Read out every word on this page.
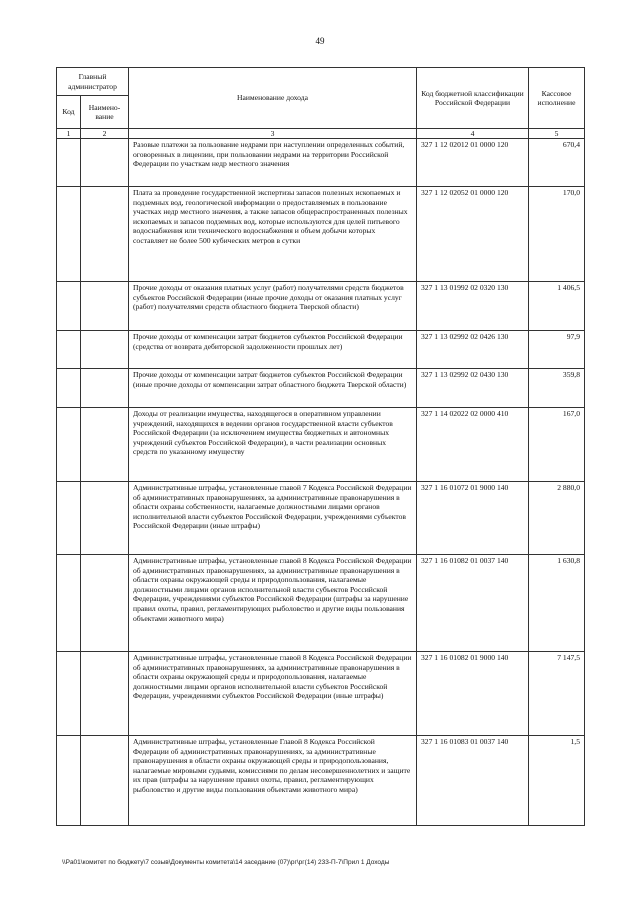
49
Главный администратор		Наименование дохода	Код бюджетной классификации Российской Федерации	Кассовое исполнение
Код	Наимено-вание			
1	2	3	4	5
		Разовые платежи за пользование недрами при наступлении определенных событий, оговоренных в лицензии, при пользовании недрами на территории Российской Федерации по участкам недр местного значения	327 1 12 02012 01 0000 120	670,4
		Плата за проведение государственной экспертизы запасов полезных ископаемых и подземных вод, геологической информации о предоставляемых в пользование участках недр местного значения, а также запасов общераспространенных полезных ископаемых и запасов подземных вод, которые используются для целей питьевого водоснабжения или технического водоснабжения и объем добычи которых составляет не более 500 кубических метров в сутки	327 1 12 02052 01 0000 120	170,0
		Прочие доходы от оказания платных услуг (работ) получателями средств бюджетов субъектов Российской Федерации (иные прочие доходы от оказания платных услуг (работ) получателями средств областного бюджета Тверской области)	327 1 13 01992 02 0320 130	1 406,5
		Прочие доходы от компенсации затрат бюджетов субъектов Российской Федерации (средства от возврата дебиторской задолженности прошлых лет)	327 1 13 02992 02 0426 130	97,9
		Прочие доходы от компенсации затрат бюджетов субъектов Российской Федерации (иные прочие доходы от компенсации затрат областного бюджета Тверской области)	327 1 13 02992 02 0430 130	359,8
		Доходы от реализации имущества, находящегося в оперативном управлении учреждений, находящихся в ведении органов государственной власти субъектов Российской Федерации (за исключением имущества бюджетных и автономных учреждений субъектов Российской Федерации), в части реализации основных средств по указанному имуществу	327 1 14 02022 02 0000 410	167,0
		Административные штрафы, установленные главой 7 Кодекса Российской Федерации об административных правонарушениях, за административные правонарушения в области охраны собственности, налагаемые должностными лицами органов исполнительной власти субъектов Российской Федерации, учреждениями субъектов Российской Федерации (иные штрафы)	327 1 16 01072 01 9000 140	2 880,0
		Административные штрафы, установленные главой 8 Кодекса Российской Федерации об административных правонарушениях, за административные правонарушения в области охраны окружающей среды и природопользования, налагаемые должностными лицами органов исполнительной власти субъектов Российской Федерации, учреждениями субъектов Российской Федерации (штрафы за нарушение правил охоты, правил, регламентирующих рыболовство и другие виды пользования объектами животного мира)	327 1 16 01082 01 0037 140	1 630,8
		Административные штрафы, установленные главой 8 Кодекса Российской Федерации об административных правонарушениях, за административные правонарушения в области охраны окружающей среды и природопользования, налагаемые должностными лицами органов исполнительной власти субъектов Российской Федерации, учреждениями субъектов Российской Федерации (иные штрафы)	327 1 16 01082 01 9000 140	7 147,5
		Административные штрафы, установленные Главой 8 Кодекса Российской Федерации об административных правонарушениях, за административные правонарушения в области охраны окружающей среды и природопользования, налагаемые мировыми судьями, комиссиями по делам несовершеннолетних и защите их прав (штрафы за нарушение правил охоты, правил, регламентирующих рыболовство и другие виды пользования объектами животного мира)	327 1 16 01083 01 0037 140	1,5
\\Pa01\комитет по бюджету\7 созыв\Документы комитета\14 заседание (07)\рг\рг(14) 233-П-7\Прил 1 Доходы
